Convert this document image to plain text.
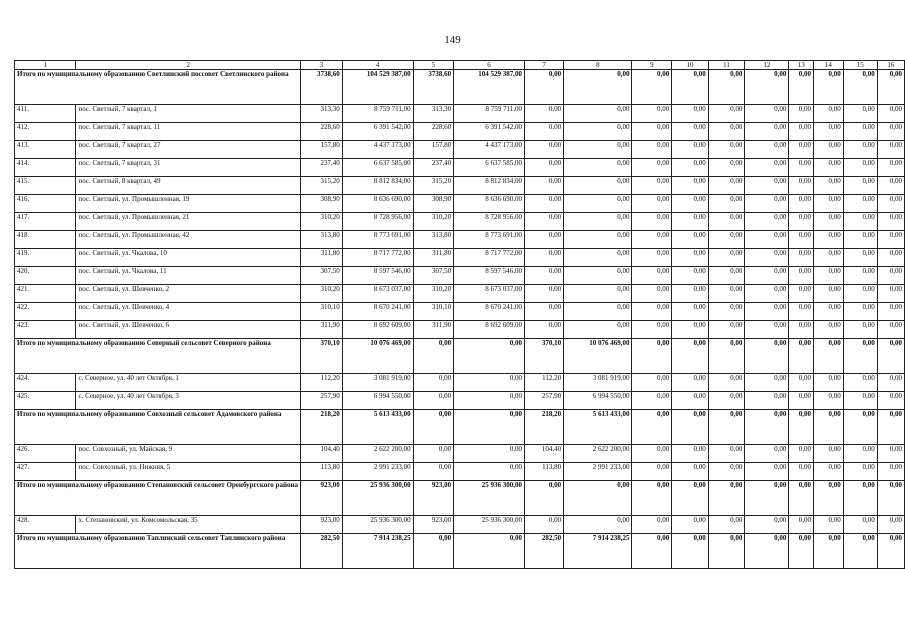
149
1	2	3	4	5	6	7	8	9	10	11	12	13	14	15	16
Итого по муниципальному образованию Светлинский поссовет Светлинского района		3738,60	104 529 387,00	3738,60	104 529 387,00	0,00	0,00	0,00	0,00	0,00	0,00	0,00	0,00	0,00	0,00
411.	пос. Светлый, 7 квартал, 1	313,30	8 759 711,00	313,30	8 759 711,00	0,00	0,00	0,00	0,00	0,00	0,00	0,00	0,00	0,00	0,00
412.	пос. Светлый, 7 квартал, 11	228,60	6 391 542,00	228,60	6 391 542,00	0,00	0,00	0,00	0,00	0,00	0,00	0,00	0,00	0,00	0,00
413.	пос. Светлый, 7 квартал, 27	157,80	4 437 173,00	157,80	4 437 173,00	0,00	0,00	0,00	0,00	0,00	0,00	0,00	0,00	0,00	0,00
414.	пос. Светлый, 7 квартал, 31	237,40	6 637 585,00	237,40	6 637 585,00	0,00	0,00	0,00	0,00	0,00	0,00	0,00	0,00	0,00	0,00
415.	пос. Светлый, 8 квартал, 49	315,20	8 812 834,00	315,20	8 812 834,00	0,00	0,00	0,00	0,00	0,00	0,00	0,00	0,00	0,00	0,00
416.	пос. Светлый, ул. Промышленная, 19	308,90	8 636 690,00	308,90	8 636 690,00	0,00	0,00	0,00	0,00	0,00	0,00	0,00	0,00	0,00	0,00
417.	пос. Светлый, ул. Промышленная, 21	310,20	8 728 956,00	310,20	8 728 956,00	0,00	0,00	0,00	0,00	0,00	0,00	0,00	0,00	0,00	0,00
418.	пос. Светлый, ул. Промышленная, 42	313,80	8 773 691,00	313,80	8 773 691,00	0,00	0,00	0,00	0,00	0,00	0,00	0,00	0,00	0,00	0,00
419.	пос. Светлый, ул. Чкалова, 10	311,80	8 717 772,00	311,80	8 717 772,00	0,00	0,00	0,00	0,00	0,00	0,00	0,00	0,00	0,00	0,00
420.	пос. Светлый, ул. Чкалова, 11	307,50	8 597 546,00	307,50	8 597 546,00	0,00	0,00	0,00	0,00	0,00	0,00	0,00	0,00	0,00	0,00
421.	пос. Светлый, ул. Шевченко, 2	310,20	8 673 037,00	310,20	8 673 037,00	0,00	0,00	0,00	0,00	0,00	0,00	0,00	0,00	0,00	0,00
422.	пос. Светлый, ул. Шевченко, 4	310,10	8 670 241,00	310,10	8 670 241,00	0,00	0,00	0,00	0,00	0,00	0,00	0,00	0,00	0,00	0,00
423.	пос. Светлый, ул. Шевченко, 6	311,90	8 692 609,00	311,90	8 692 609,00	0,00	0,00	0,00	0,00	0,00	0,00	0,00	0,00	0,00	0,00
Итого по муниципальному образованию Северный сельсовет Северного района		370,10	10 076 469,00	0,00	0,00	370,10	10 076 469,00	0,00	0,00	0,00	0,00	0,00	0,00	0,00	0,00
424.	с. Северное, ул. 40 лет Октября, 1	112,20	3 081 919,00	0,00	0,00	112,20	3 081 919,00	0,00	0,00	0,00	0,00	0,00	0,00	0,00	0,00
425.	с. Северное, ул. 40 лет Октября, 3	257,90	6 994 550,00	0,00	0,00	257,90	6 994 550,00	0,00	0,00	0,00	0,00	0,00	0,00	0,00	0,00
Итого по муниципальному образованию Совхозный сельсовет Адамовского района		218,20	5 613 433,00	0,00	0,00	218,20	5 613 433,00	0,00	0,00	0,00	0,00	0,00	0,00	0,00	0,00
426.	пос. Совхозный, ул. Майская, 9	104,40	2 622 200,00	0,00	0,00	104,40	2 622 200,00	0,00	0,00	0,00	0,00	0,00	0,00	0,00	0,00
427.	пос. Совхозный, ул. Нижняя, 5	113,80	2 991 233,00	0,00	0,00	113,80	2 991 233,00	0,00	0,00	0,00	0,00	0,00	0,00	0,00	0,00
Итого по муниципальному образованию Степановский сельсовет Оренбургского района		923,00	25 936 300,00	923,00	25 936 300,00	0,00	0,00	0,00	0,00	0,00	0,00	0,00	0,00	0,00	0,00
428.	х. Степановский, ул. Комсомольская, 35	923,00	25 936 300,00	923,00	25 936 300,00	0,00	0,00	0,00	0,00	0,00	0,00	0,00	0,00	0,00	0,00
Итого по муниципальному образованию Таплинский сельсовет Таплинского района		282,50	7 914 238,25	0,00	0,00	282,50	7 914 238,25	0,00	0,00	0,00	0,00	0,00	0,00	0,00	0,00
